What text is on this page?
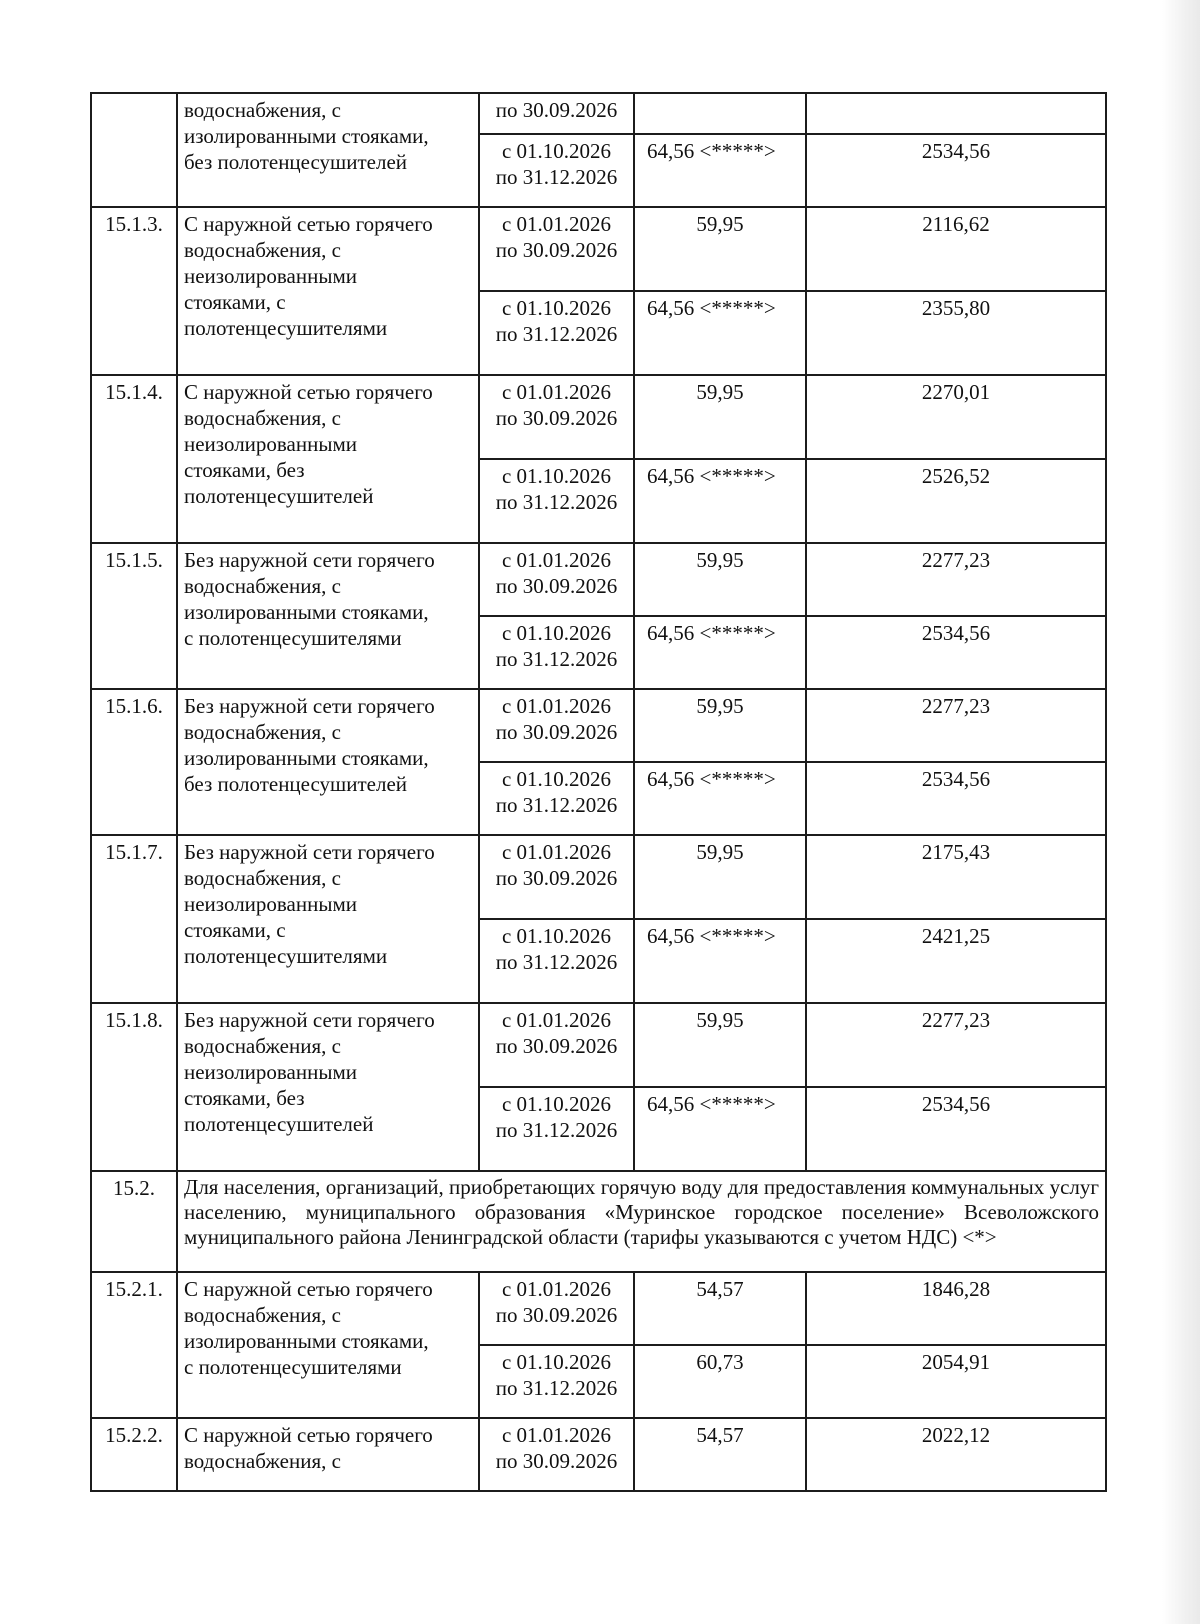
	водоснабжения, с
изолированными стояками,
без полотенцесушителей	по 30.09.2026		

		с 01.10.2026
по 31.12.2026	64,56 <*****>	2534,56
15.1.3.	С наружной сетью горячего
водоснабжения, с
неизолированными
стояками, с
полотенцесушителями	с 01.01.2026
по 30.09.2026	59,95	2116,62

		с 01.10.2026
по 31.12.2026	64,56 <*****>	2355,80
15.1.4.	С наружной сетью горячего
водоснабжения, с
неизолированными
стояками, без
полотенцесушителей	с 01.01.2026
по 30.09.2026	59,95	2270,01

		с 01.10.2026
по 31.12.2026	64,56 <*****>	2526,52
15.1.5.	Без наружной сети горячего
водоснабжения, с
изолированными стояками,
с полотенцесушителями	с 01.01.2026
по 30.09.2026	59,95	2277,23

		с 01.10.2026
по 31.12.2026	64,56 <*****>	2534,56
15.1.6.	Без наружной сети горячего
водоснабжения, с
изолированными стояками,
без полотенцесушителей	с 01.01.2026
по 30.09.2026	59,95	2277,23

		с 01.10.2026
по 31.12.2026	64,56 <*****>	2534,56
15.1.7.	Без наружной сети горячего
водоснабжения, с
неизолированными
стояками, с
полотенцесушителями	с 01.01.2026
по 30.09.2026	59,95	2175,43

		с 01.10.2026
по 31.12.2026	64,56 <*****>	2421,25
15.1.8.	Без наружной сети горячего
водоснабжения, с
неизолированными
стояками, без
полотенцесушителей	с 01.01.2026
по 30.09.2026	59,95	2277,23

		с 01.10.2026
по 31.12.2026	64,56 <*****>	2534,56
15.2.	Для населения, организаций, приобретающих горячую воду для предоставления коммунальных услуг населению, муниципального образования «Муринское городское поселение» Всеволожского муниципального района Ленинградской области (тарифы указываются с учетом НДС) <*>			
15.2.1.	С наружной сетью горячего
водоснабжения, с
изолированными стояками,
с полотенцесушителями	с 01.01.2026
по 30.09.2026	54,57	1846,28

		с 01.10.2026
по 31.12.2026	60,73	2054,91
15.2.2.	С наружной сетью горячего
водоснабжения, с	с 01.01.2026
по 30.09.2026	54,57	2022,12
